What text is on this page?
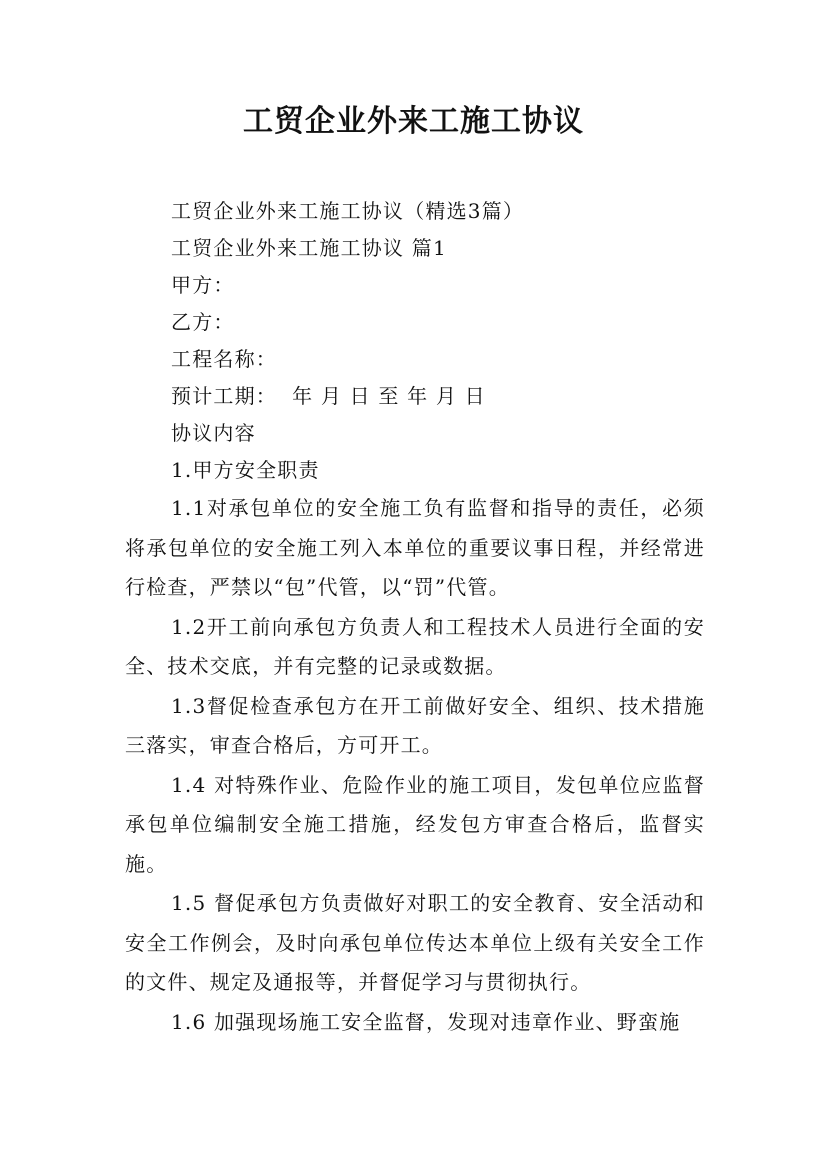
工贸企业外来工施工协议

工贸企业外来工施工协议（精选3篇）

工贸企业外来工施工协议 篇1

甲方：

乙方：

工程名称：

预计工期：  年 月 日 至 年 月 日

协议内容

1.甲方安全职责

1.1对承包单位的安全施工负有监督和指导的责任，必须将承包单位的安全施工列入本单位的重要议事日程，并经常进行检查，严禁以“包”代管，以“罚”代管。

1.2开工前向承包方负责人和工程技术人员进行全面的安全、技术交底，并有完整的记录或数据。

1.3督促检查承包方在开工前做好安全、组织、技术措施三落实，审查合格后，方可开工。

1.4 对特殊作业、危险作业的施工项目，发包单位应监督承包单位编制安全施工措施，经发包方审查合格后，监督实施。

1.5 督促承包方负责做好对职工的安全教育、安全活动和安全工作例会，及时向承包单位传达本单位上级有关安全工作的文件、规定及通报等，并督促学习与贯彻执行。

1.6 加强现场施工安全监督，发现对违章作业、野蛮施
